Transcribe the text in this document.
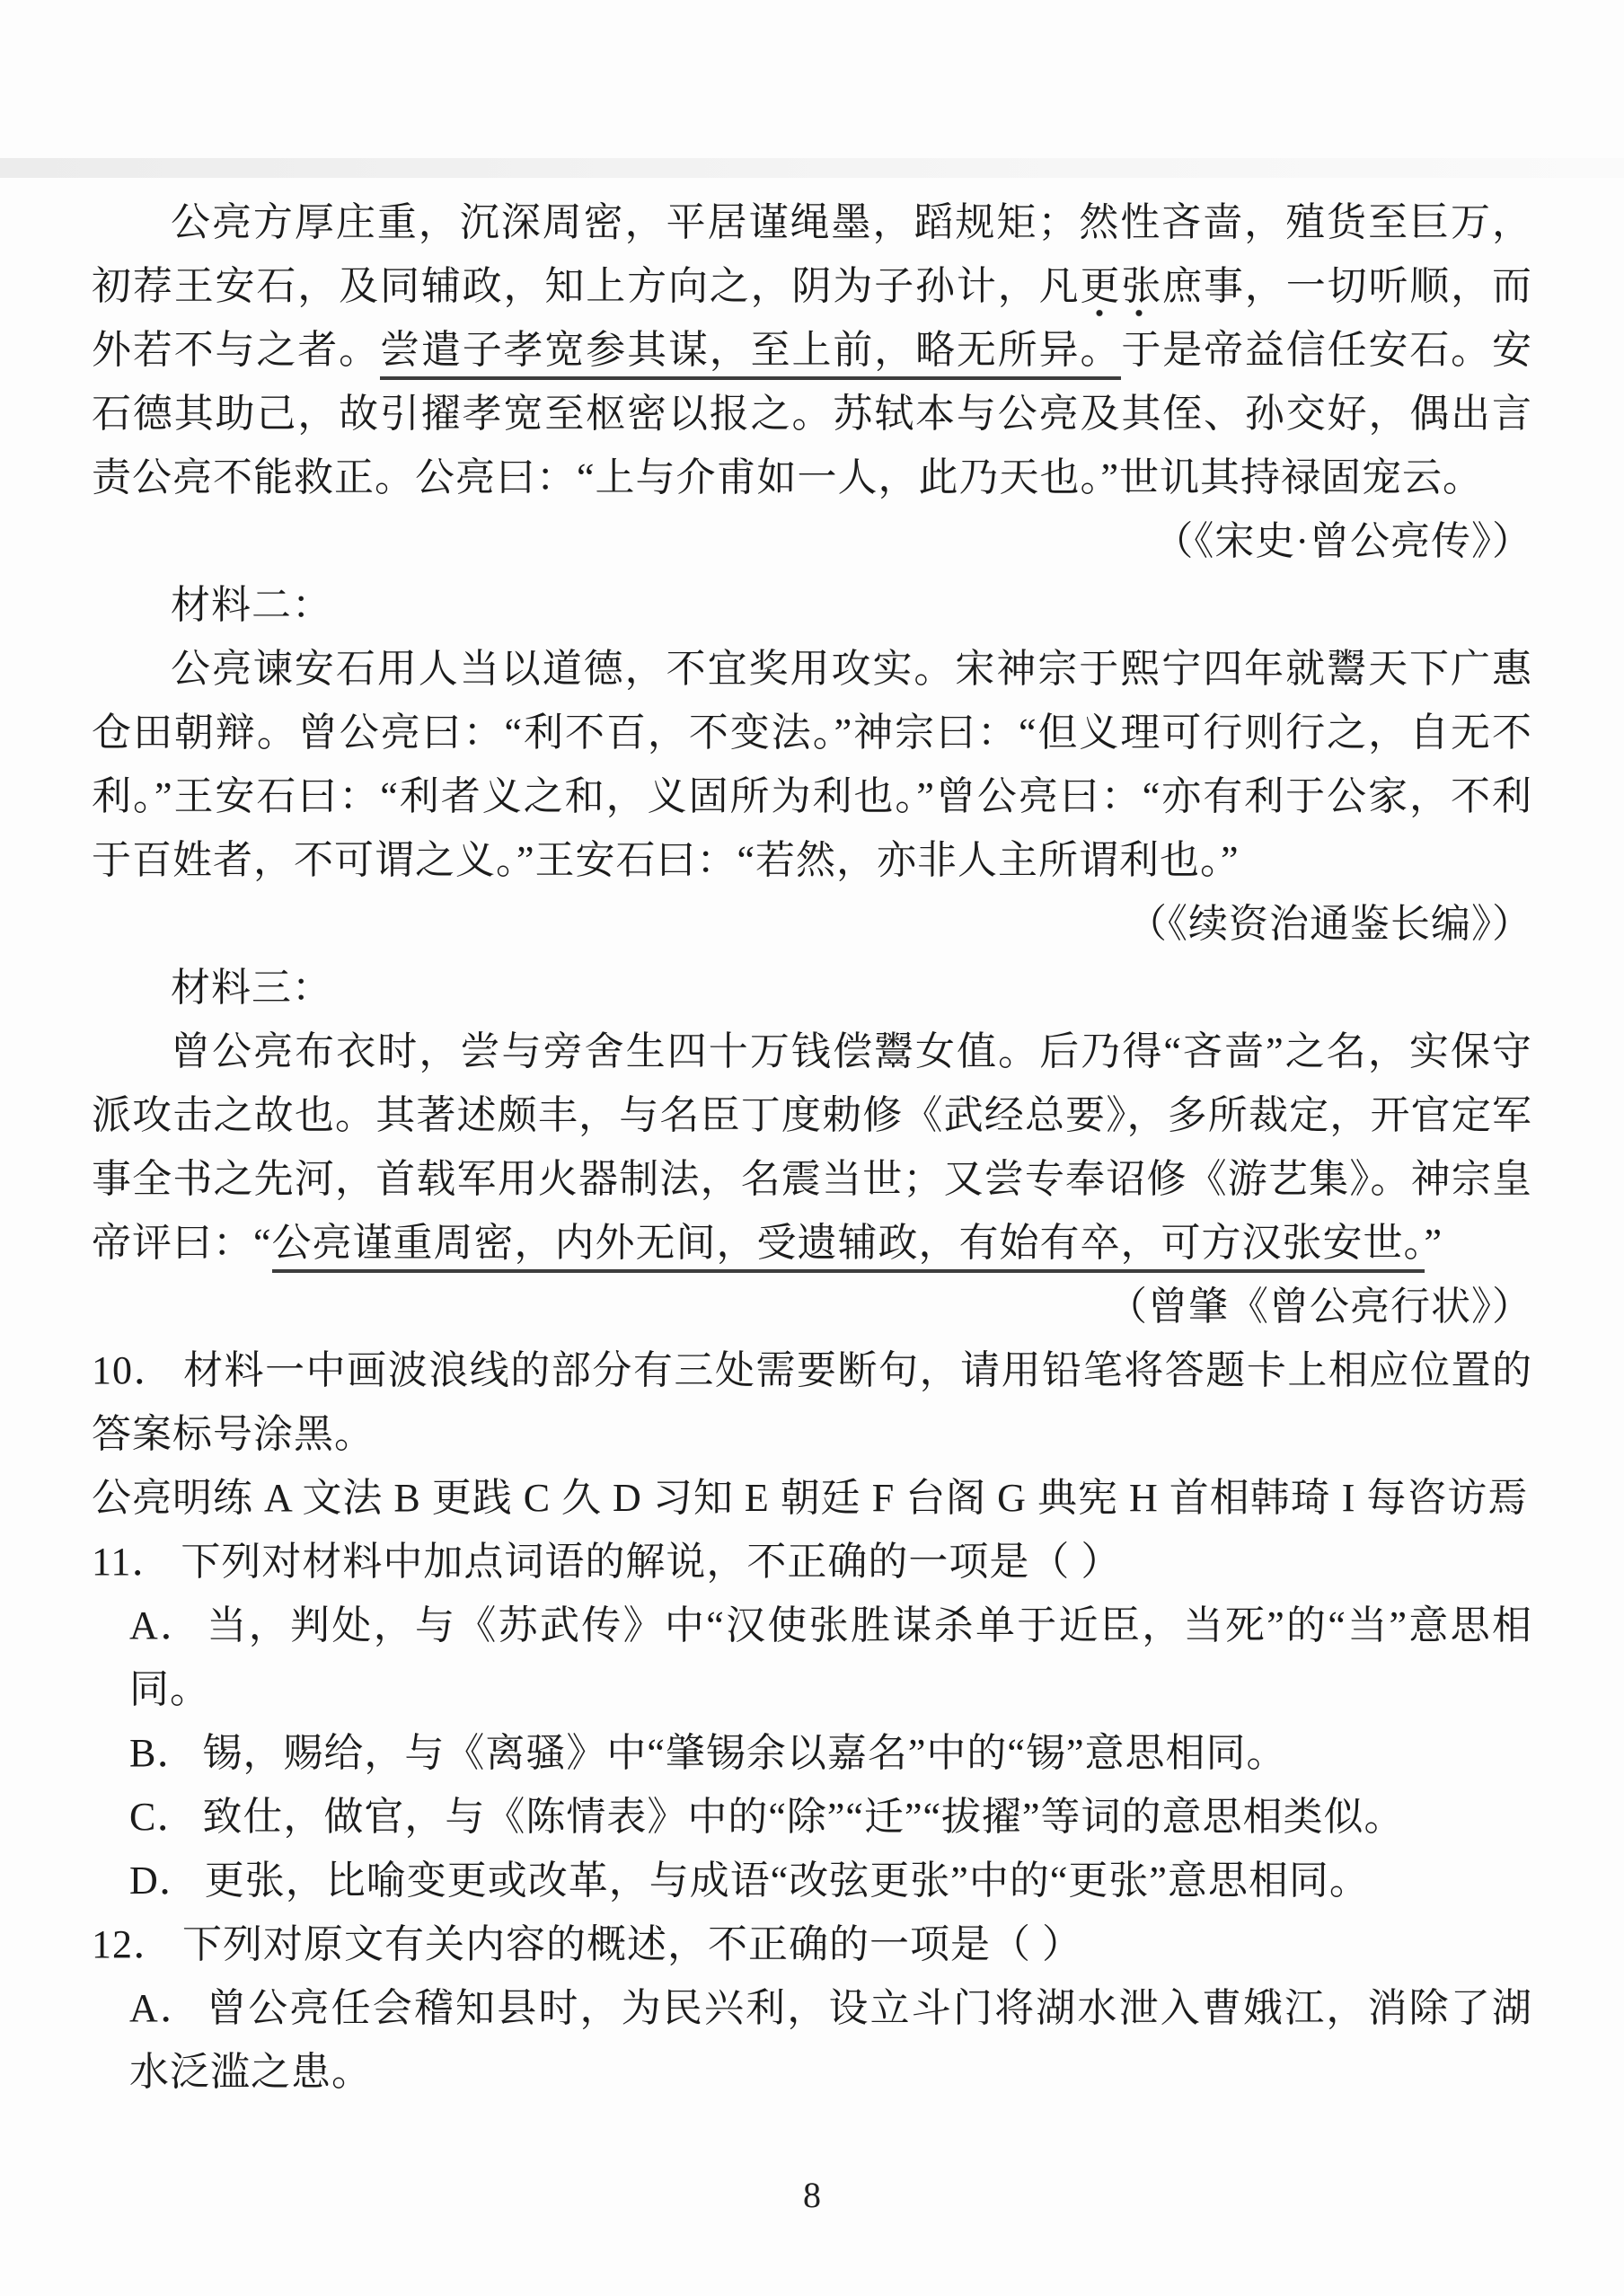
公亮方厚庄重，沉深周密，平居谨绳墨，蹈规矩；然性吝啬，殖货至巨万，初荐王安石，及同辅政，知上方向之，阴为子孙计，凡更张庶事，一切听顺，而外若不与之者。尝遣子孝宽参其谋，至上前，略无所异。于是帝益信任安石。安石德其助己，故引擢孝宽至枢密以报之。苏轼本与公亮及其侄、孙交好，偶出言责公亮不能救正。公亮曰：“上与介甫如一人，此乃天也。”世讥其持禄固宠云。

（《宋史·曾公亮传》）

材料二：

公亮谏安石用人当以道德，不宜奖用攻实。宋神宗于熙宁四年就鬻天下广惠仓田朝辩。曾公亮曰：“利不百，不变法。”神宗曰：“但义理可行则行之，自无不利。”王安石曰：“利者义之和，义固所为利也。”曾公亮曰：“亦有利于公家，不利于百姓者，不可谓之义。”王安石曰：“若然，亦非人主所谓利也。”

（《续资治通鉴长编》）

材料三：

曾公亮布衣时，尝与旁舍生四十万钱偿鬻女值。后乃得“吝啬”之名，实保守派攻击之故也。其著述颇丰，与名臣丁度勅修《武经总要》，多所裁定，开官定军事全书之先河，首载军用火器制法，名震当世；又尝专奉诏修《游艺集》。神宗皇帝评曰：“公亮谨重周密，内外无间，受遗辅政，有始有卒，可方汉张安世。”

（曾肇《曾公亮行状》）

10． 材料一中画波浪线的部分有三处需要断句，请用铅笔将答题卡上相应位置的答案标号涂黑。

公亮明练 A 文法 B 更践 C 久 D 习知 E 朝廷 F 台阁 G 典宪 H 首相韩琦 I 每咨访焉

11． 下列对材料中加点词语的解说，不正确的一项是（ ）

A． 当，判处，与《苏武传》中“汉使张胜谋杀单于近臣，当死”的“当”意思相同。

B． 锡，赐给，与《离骚》中“肇锡余以嘉名”中的“锡”意思相同。

C． 致仕，做官，与《陈情表》中的“除”“迁”“拔擢”等词的意思相类似。

D． 更张，比喻变更或改革，与成语“改弦更张”中的“更张”意思相同。

12． 下列对原文有关内容的概述，不正确的一项是（ ）

A． 曾公亮任会稽知县时，为民兴利，设立斗门将湖水泄入曹娥江，消除了湖水泛滥之患。

8
